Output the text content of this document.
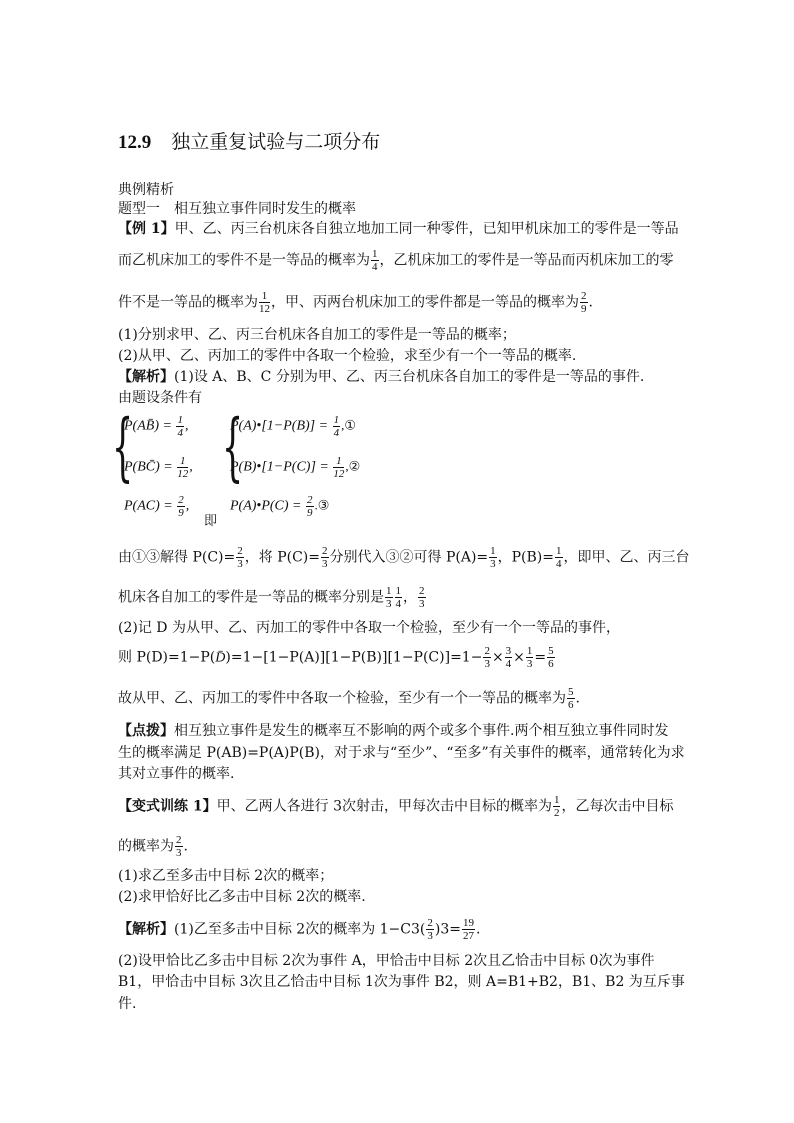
12.9 独立重复试验与二项分布
典例精析
题型一　相互独立事件同时发生的概率
【例 1】甲、乙、丙三台机床各自独立地加工同一种零件，已知甲机床加工的零件是一等品
而乙机床加工的零件不是一等品的概率为 $\frac{1}{4}$ ，乙机床加工的零件是一等品而丙机床加工的零
件不是一等品的概率为 $\frac{1}{12}$ ，甲、丙两台机床加工的零件都是一等品的概率为 $\frac{2}{9}$ .
(1)分别求甲、乙、丙三台机床各自加工的零件是一等品的概率；
(2)从甲、乙、丙加工的零件中各取一个检验，求至少有一个一等品的概率.
【解析】(1)设 A、B、C 分别为甲、乙、丙三台机床各自加工的零件是一等品的事件.
由题设条件有
{
P(AB̄) = $\frac{1}{4}$ ,
P(BC̄) = $\frac{1}{12}$ ,
$P(AC) = \frac{2}{9}$ ,
即
{
P(A)•[1−P(B)] = $\frac{1}{4}$ ,①
P(B)•[1−P(C)] = $\frac{1}{12}$ ,②
P(A)•P(C) = $\frac{2}{9}$ .③
由①③解得 $P(C)= \frac{2}{3}$ ，将 $P(C)= \frac{2}{3}$ 分别代入③②可得 $P(A)= \frac{1}{3}$ ，$P(B)= \frac{1}{4}$ ，即甲、乙、丙三台
机床各自加工的零件是一等品的概率分别是 $\frac{1}{3} \frac{1}{4}$ ， $\frac{2}{3}$
(2)记 D 为从甲、乙、丙加工的零件中各取一个检验，至少有一个一等品的事件，
则 P(D)=1−P(D̄)=1−[1−P(A)][1−P(B)][1−P(C)]=1− $\frac{2}{3} \times \frac{3}{4} \times \frac{1}{3} = \frac{5}{6}$
故从甲、乙、丙加工的零件中各取一个检验，至少有一个一等品的概率为 $\frac{5}{6}$ .
【点拨】相互独立事件是发生的概率互不影响的两个或多个事件.两个相互独立事件同时发
生的概率满足 P(AB)=P(A)P(B)，对于求与“至少”、“至多”有关事件的概率，通常转化为求
其对立事件的概率.
【变式训练 1】甲、乙两人各进行 3次射击，甲每次击中目标的概率为 $\frac{1}{2}$ ，乙每次击中目标
的概率为 $\frac{2}{3}$ .
(1)求乙至多击中目标 2次的概率；
(2)求甲恰好比乙多击中目标 2次的概率.
【解析】(1)乙至多击中目标 2次的概率为 $1-C3( \frac{2}{3} )3= \frac{19}{27}$ .
(2)设甲恰比乙多击中目标 2次为事件 A，甲恰击中目标 2次且乙恰击中目标 0次为事件
B1，甲恰击中目标 3次且乙恰击中目标 1次为事件 B2，则 A=B1+B2，B1、B2 为互斥事
件.
